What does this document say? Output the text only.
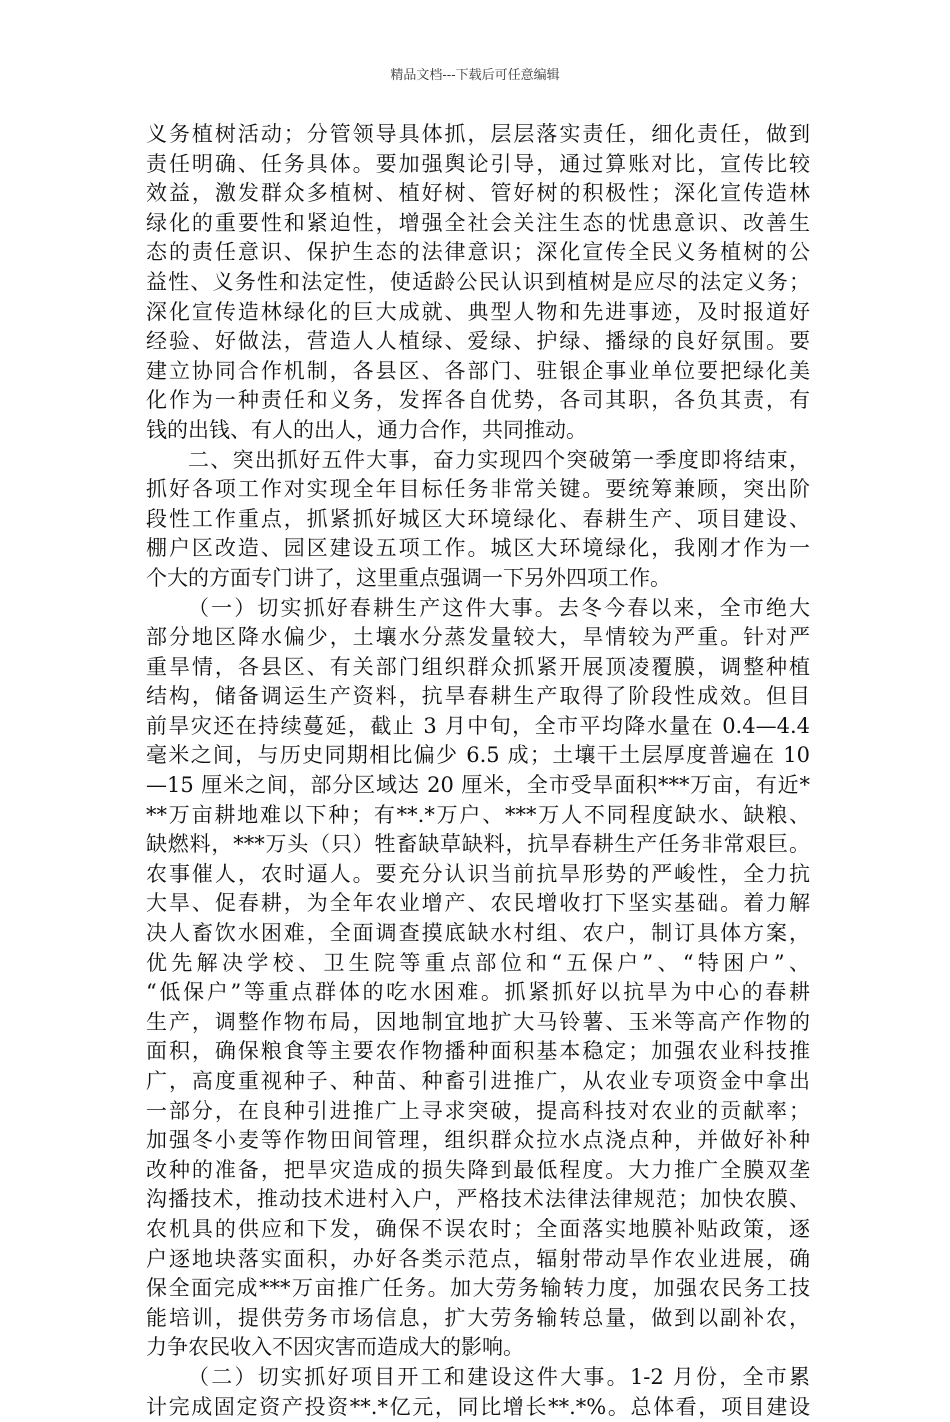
精品文档---下载后可任意编辑
义务植树活动；分管领导具体抓，层层落实责任，细化责任，做到
责任明确、任务具体。要加强舆论引导，通过算账对比，宣传比较
效益，激发群众多植树、植好树、管好树的积极性；深化宣传造林
绿化的重要性和紧迫性，增强全社会关注生态的忧患意识、改善生
态的责任意识、保护生态的法律意识；深化宣传全民义务植树的公
益性、义务性和法定性，使适龄公民认识到植树是应尽的法定义务；
深化宣传造林绿化的巨大成就、典型人物和先进事迹，及时报道好
经验、好做法，营造人人植绿、爱绿、护绿、播绿的良好氛围。要
建立协同合作机制，各县区、各部门、驻银企事业单位要把绿化美
化作为一种责任和义务，发挥各自优势，各司其职，各负其责，有
钱的出钱、有人的出人，通力合作，共同推动。
二、突出抓好五件大事，奋力实现四个突破第一季度即将结束，
抓好各项工作对实现全年目标任务非常关键。要统筹兼顾，突出阶
段性工作重点，抓紧抓好城区大环境绿化、春耕生产、项目建设、
棚户区改造、园区建设五项工作。城区大环境绿化，我刚才作为一
个大的方面专门讲了，这里重点强调一下另外四项工作。
（一）切实抓好春耕生产这件大事。去冬今春以来，全市绝大
部分地区降水偏少，土壤水分蒸发量较大，旱情较为严重。针对严
重旱情，各县区、有关部门组织群众抓紧开展顶凌覆膜，调整种植
结构，储备调运生产资料，抗旱春耕生产取得了阶段性成效。但目
前旱灾还在持续蔓延，截止 3 月中旬，全市平均降水量在 0.4—4.4
毫米之间，与历史同期相比偏少 6.5 成；土壤干土层厚度普遍在 10
—15 厘米之间，部分区域达 20 厘米，全市受旱面积***万亩，有近*
**万亩耕地难以下种；有**.*万户、***万人不同程度缺水、缺粮、
缺燃料，***万头（只）牲畜缺草缺料，抗旱春耕生产任务非常艰巨。
农事催人，农时逼人。要充分认识当前抗旱形势的严峻性，全力抗
大旱、促春耕，为全年农业增产、农民增收打下坚实基础。着力解
决人畜饮水困难，全面调查摸底缺水村组、农户，制订具体方案，
优先解决学校、卫生院等重点部位和“五保户”、“特困户”、
“低保户”等重点群体的吃水困难。抓紧抓好以抗旱为中心的春耕
生产，调整作物布局，因地制宜地扩大马铃薯、玉米等高产作物的
面积，确保粮食等主要农作物播种面积基本稳定；加强农业科技推
广，高度重视种子、种苗、种畜引进推广，从农业专项资金中拿出
一部分，在良种引进推广上寻求突破，提高科技对农业的贡献率；
加强冬小麦等作物田间管理，组织群众拉水点浇点种，并做好补种
改种的准备，把旱灾造成的损失降到最低程度。大力推广全膜双垄
沟播技术，推动技术进村入户，严格技术法律法律规范；加快农膜、
农机具的供应和下发，确保不误农时；全面落实地膜补贴政策，逐
户逐地块落实面积，办好各类示范点，辐射带动旱作农业进展，确
保全面完成***万亩推广任务。加大劳务输转力度，加强农民务工技
能培训，提供劳务市场信息，扩大劳务输转总量，做到以副补农，
力争农民收入不因灾害而造成大的影响。
（二）切实抓好项目开工和建设这件大事。1-2 月份，全市累
计完成固定资产投资**.*亿元，同比增长**.*%。总体看，项目建设
